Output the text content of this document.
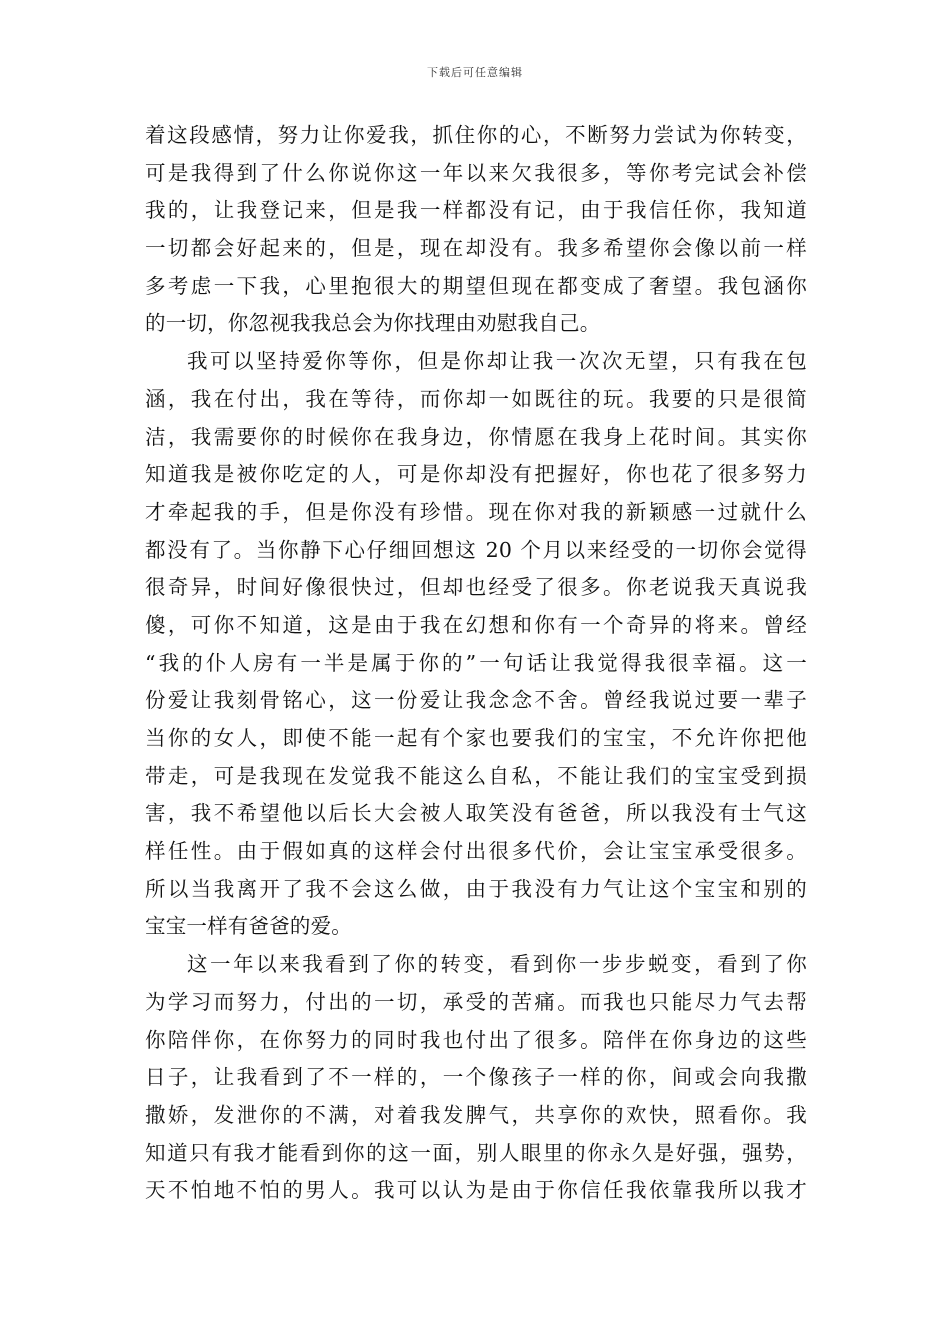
下载后可任意编辑
着这段感情，努力让你爱我，抓住你的心，不断努力尝试为你转变，
可是我得到了什么你说你这一年以来欠我很多，等你考完试会补偿
我的，让我登记来，但是我一样都没有记，由于我信任你，我知道
一切都会好起来的，但是，现在却没有。我多希望你会像以前一样
多考虑一下我，心里抱很大的期望但现在都变成了奢望。我包涵你
的一切，你忽视我我总会为你找理由劝慰我自己。
我可以坚持爱你等你，但是你却让我一次次无望，只有我在包
涵，我在付出，我在等待，而你却一如既往的玩。我要的只是很简
洁，我需要你的时候你在我身边，你情愿在我身上花时间。其实你
知道我是被你吃定的人，可是你却没有把握好，你也花了很多努力
才牵起我的手，但是你没有珍惜。现在你对我的新颖感一过就什么
都没有了。当你静下心仔细回想这 20 个月以来经受的一切你会觉得
很奇异，时间好像很快过，但却也经受了很多。你老说我天真说我
傻，可你不知道，这是由于我在幻想和你有一个奇异的将来。曾经
“我的仆人房有一半是属于你的”一句话让我觉得我很幸福。这一
份爱让我刻骨铭心，这一份爱让我念念不舍。曾经我说过要一辈子
当你的女人，即使不能一起有个家也要我们的宝宝，不允许你把他
带走，可是我现在发觉我不能这么自私，不能让我们的宝宝受到损
害，我不希望他以后长大会被人取笑没有爸爸，所以我没有士气这
样任性。由于假如真的这样会付出很多代价，会让宝宝承受很多。
所以当我离开了我不会这么做，由于我没有力气让这个宝宝和别的
宝宝一样有爸爸的爱。
这一年以来我看到了你的转变，看到你一步步蜕变，看到了你
为学习而努力，付出的一切，承受的苦痛。而我也只能尽力气去帮
你陪伴你，在你努力的同时我也付出了很多。陪伴在你身边的这些
日子，让我看到了不一样的，一个像孩子一样的你，间或会向我撒
撒娇，发泄你的不满，对着我发脾气，共享你的欢快，照看你。我
知道只有我才能看到你的这一面，别人眼里的你永久是好强，强势，
天不怕地不怕的男人。我可以认为是由于你信任我依靠我所以我才
